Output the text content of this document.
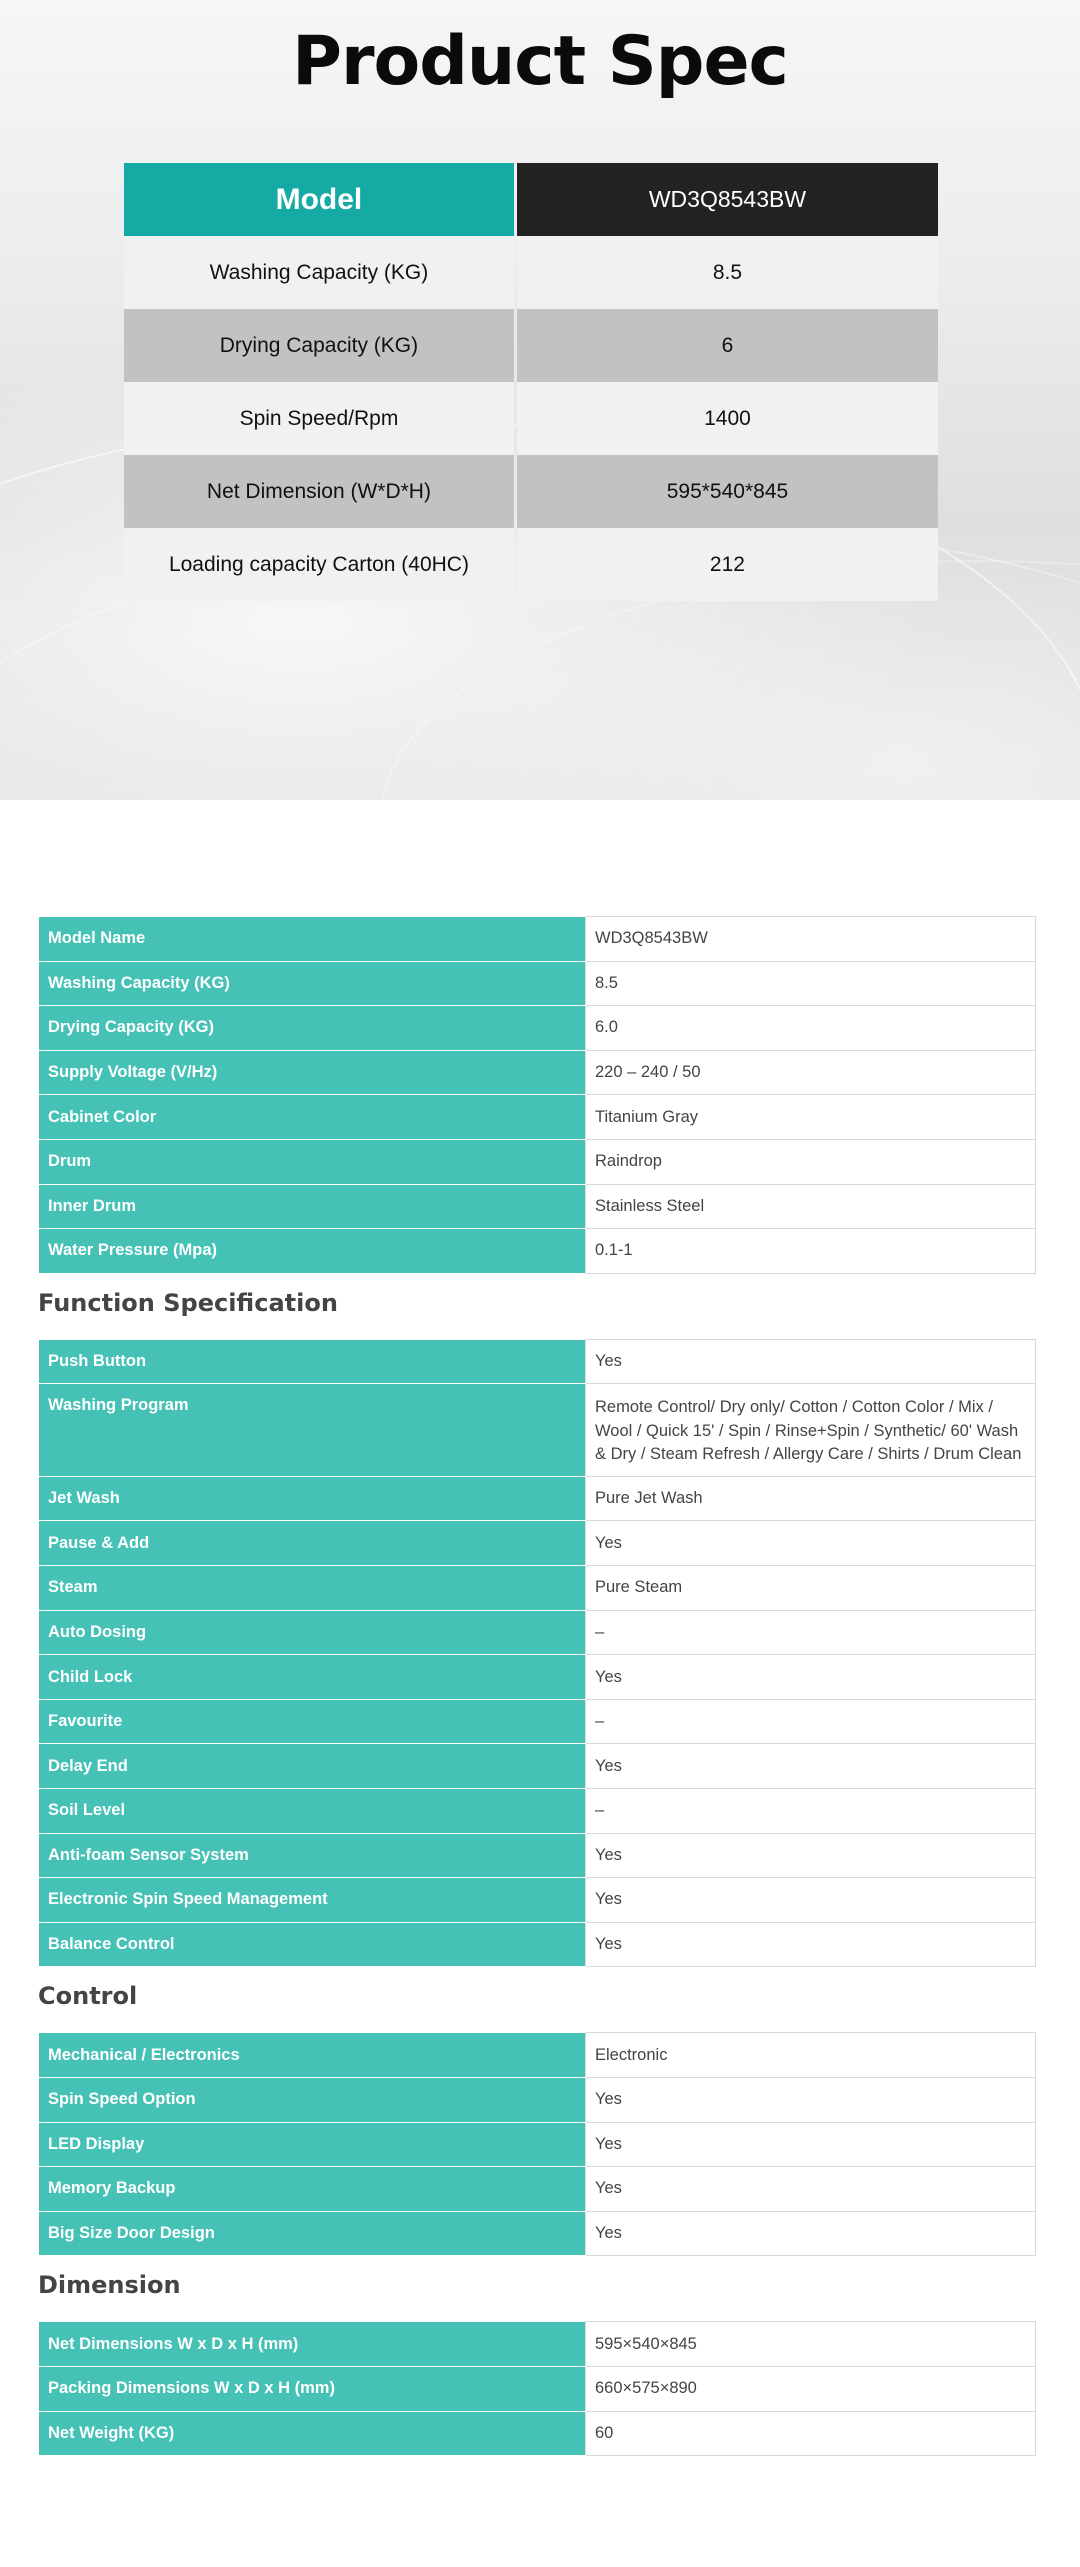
Product Spec
Model	WD3Q8543BW
Washing Capacity (KG)	8.5
Drying Capacity (KG)	6
Spin Speed/Rpm	1400
Net Dimension (W*D*H)	595*540*845
Loading capacity Carton (40HC)	212
Model Name	WD3Q8543BW
Washing Capacity (KG)	8.5
Drying Capacity (KG)	6.0
Supply Voltage (V/Hz)	220 – 240 / 50
Cabinet Color	Titanium Gray
Drum	Raindrop
Inner Drum	Stainless Steel
Water Pressure (Mpa)	0.1-1
Function Specification
Push Button	Yes
Washing Program	Remote Control/ Dry only/ Cotton / Cotton Color / Mix / Wool / Quick 15' / Spin / Rinse+Spin / Synthetic/ 60' Wash & Dry / Steam Refresh / Allergy Care / Shirts / Drum Clean
Jet Wash	Pure Jet Wash
Pause & Add	Yes
Steam	Pure Steam
Auto Dosing	–
Child Lock	Yes
Favourite	–
Delay End	Yes
Soil Level	–
Anti-foam Sensor System	Yes
Electronic Spin Speed Management	Yes
Balance Control	Yes
Control
Mechanical / Electronics	Electronic
Spin Speed Option	Yes
LED Display	Yes
Memory Backup	Yes
Big Size Door Design	Yes
Dimension
Net Dimensions W x D x H (mm)	595×540×845
Packing Dimensions W x D x H (mm)	660×575×890
Net Weight (KG)	60
